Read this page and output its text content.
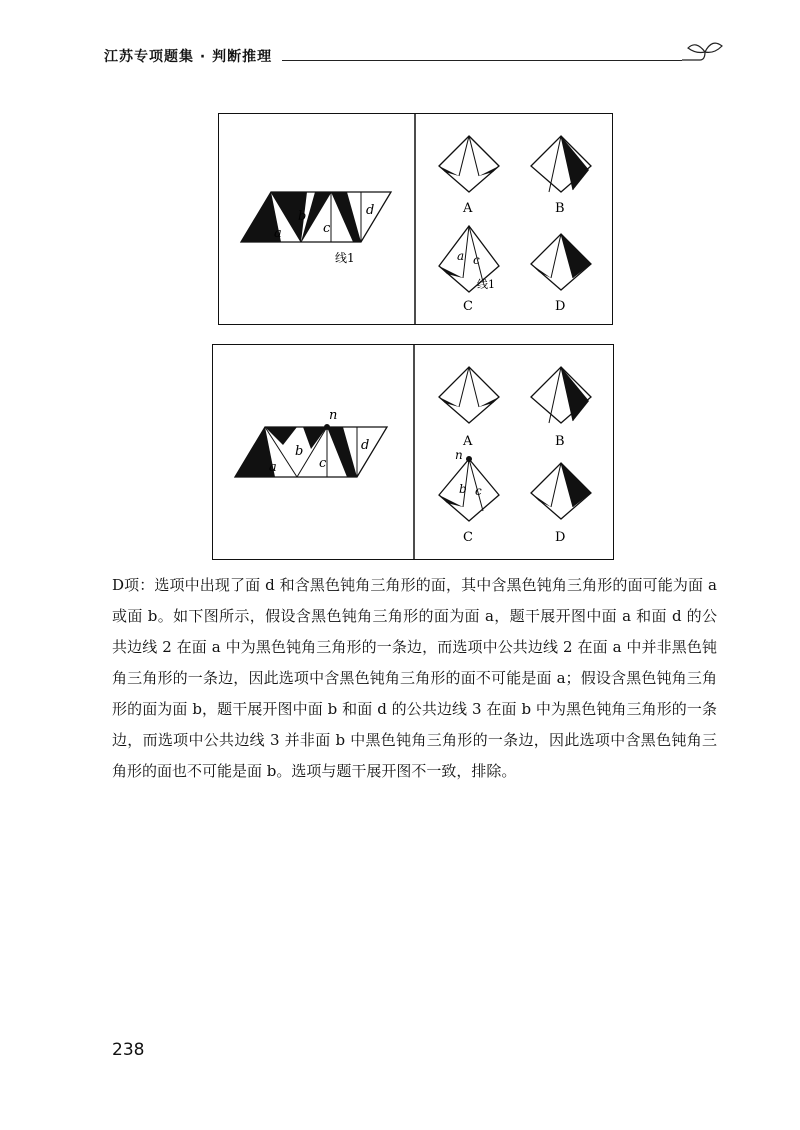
江苏专项题集 · 判断推理
a
b
c
d
线1
A	B
a c
线1
C	D
n
a
b
c
d	A	B
n
b c
C	D
D项：选项中出现了面 d 和含黑色钝角三角形的面，其中含黑色钝角三角形的面可能为面 a 或面 b。如下图所示，假设含黑色钝角三角形的面为面 a，题干展开图中面 a 和面 d 的公共边线 2 在面 a 中为黑色钝角三角形的一条边，而选项中公共边线 2 在面 a 中并非黑色钝角三角形的一条边，因此选项中含黑色钝角三角形的面不可能是面 a；假设含黑色钝角三角形的面为面 b，题干展开图中面 b 和面 d 的公共边线 3 在面 b 中为黑色钝角三角形的一条边，而选项中公共边线 3 并非面 b 中黑色钝角三角形的一条边，因此选项中含黑色钝角三角形的面也不可能是面 b。选项与题干展开图不一致，排除。
238
